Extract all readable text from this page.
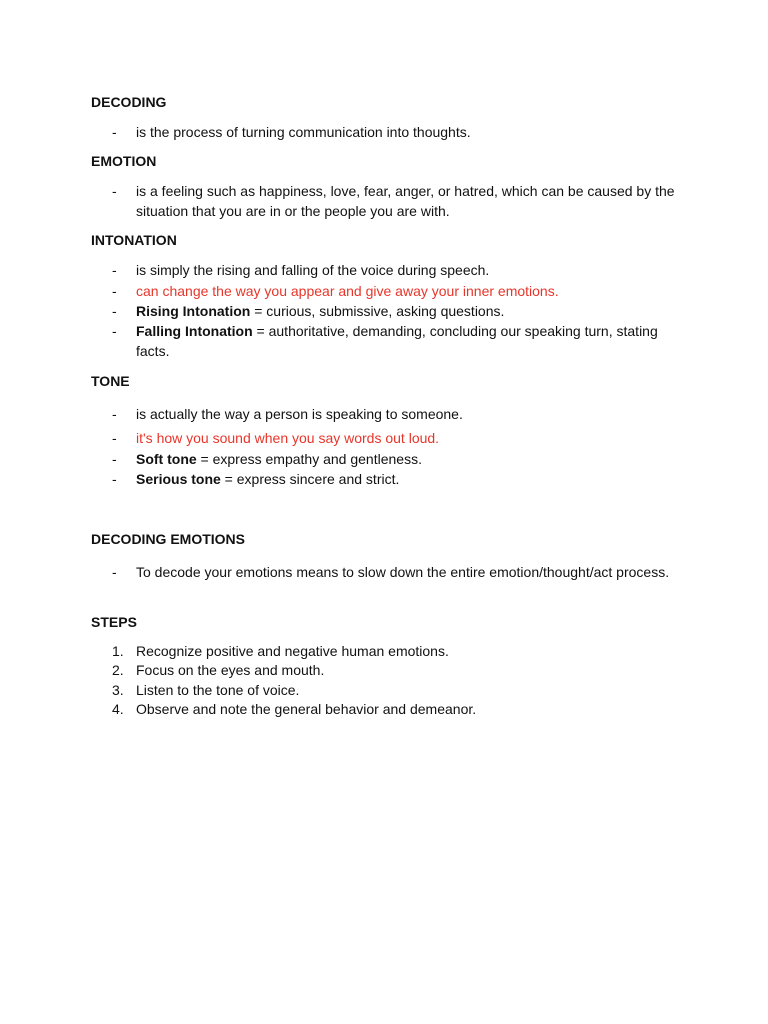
DECODING
-	is the process of turning communication into thoughts.
EMOTION
-	is a feeling such as happiness, love, fear, anger, or hatred, which can be caused by the situation that you are in or the people you are with.
INTONATION
-	is simply the rising and falling of the voice during speech.
-	can change the way you appear and give away your inner emotions.
-	Rising Intonation = curious, submissive, asking questions.
-	Falling Intonation = authoritative, demanding, concluding our speaking turn, stating facts.
TONE
-	is actually the way a person is speaking to someone.
-	it's how you sound when you say words out loud.
-	Soft tone = express empathy and gentleness.
-	Serious tone = express sincere and strict.
DECODING EMOTIONS
-	To decode your emotions means to slow down the entire emotion/thought/act process.
STEPS
1. Recognize positive and negative human emotions.
2. Focus on the eyes and mouth.
3. Listen to the tone of voice.
4. Observe and note the general behavior and demeanor.
